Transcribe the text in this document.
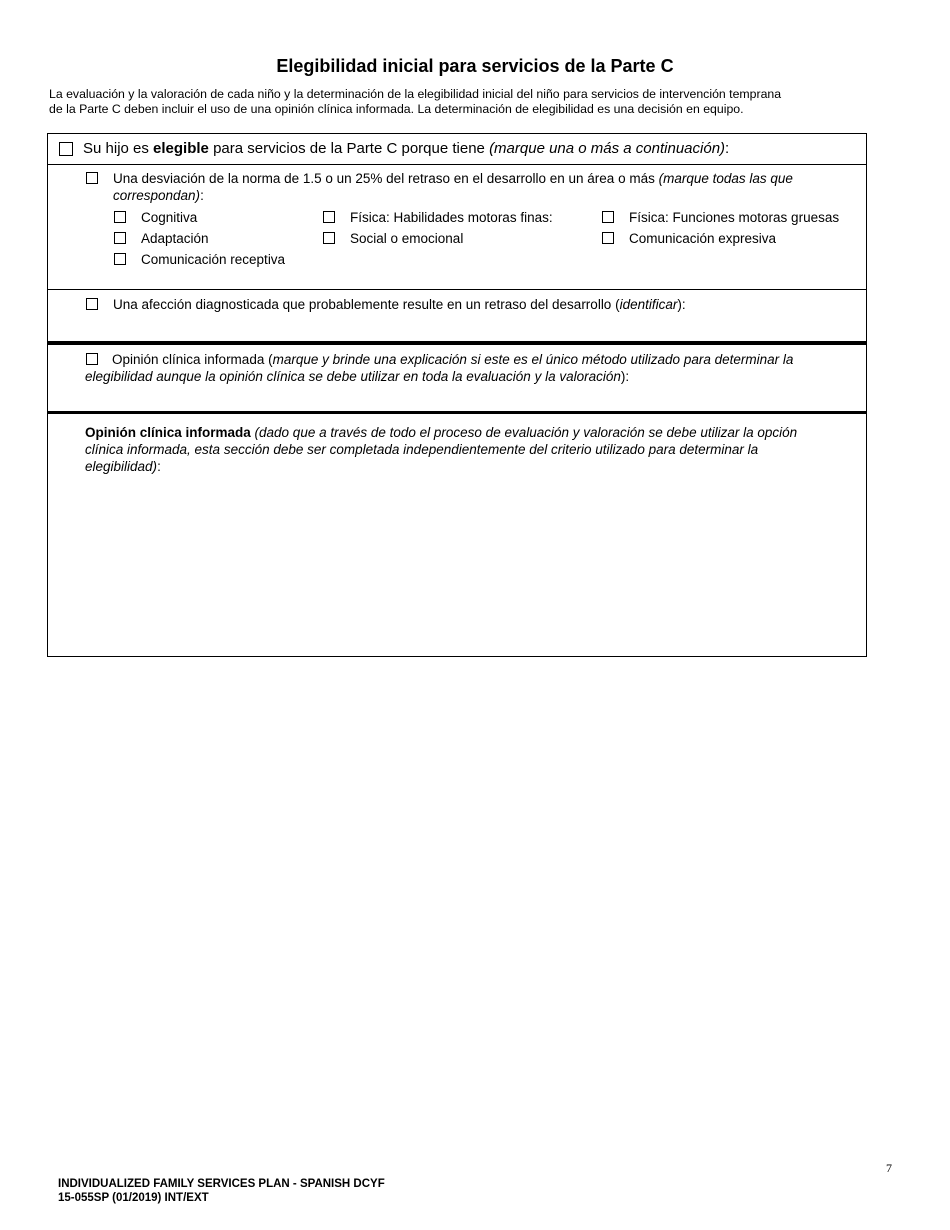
Elegibilidad inicial para servicios de la Parte C
La evaluación y la valoración de cada niño y la determinación de la elegibilidad inicial del niño para servicios de intervención temprana
de la Parte C deben incluir el uso de una opinión clínica informada. La determinación de elegibilidad es una decisión en equipo.
Su hijo es elegible para servicios de la Parte C porque tiene (marque una o más a continuación):
Una desviación de la norma de 1.5 o un 25% del retraso en el desarrollo en un área o más (marque todas las que
correspondan):
Cognitiva	Física: Habilidades motoras finas:	Física: Funciones motoras gruesas
Adaptación	Social o emocional	Comunicación expresiva
Comunicación receptiva
Una afección diagnosticada que probablemente resulte en un retraso del desarrollo (identificar):
Opinión clínica informada (marque y brinde una explicación si este es el único método utilizado para determinar la
elegibilidad aunque la opinión clínica se debe utilizar en toda la evaluación y la valoración):
Opinión clínica informada (dado que a través de todo el proceso de evaluación y valoración se debe utilizar la opción
clínica informada, esta sección debe ser completada independientemente del criterio utilizado para determinar la
elegibilidad):
7
INDIVIDUALIZED FAMILY SERVICES PLAN - SPANISH DCYF
15-055SP (01/2019) INT/EXT
